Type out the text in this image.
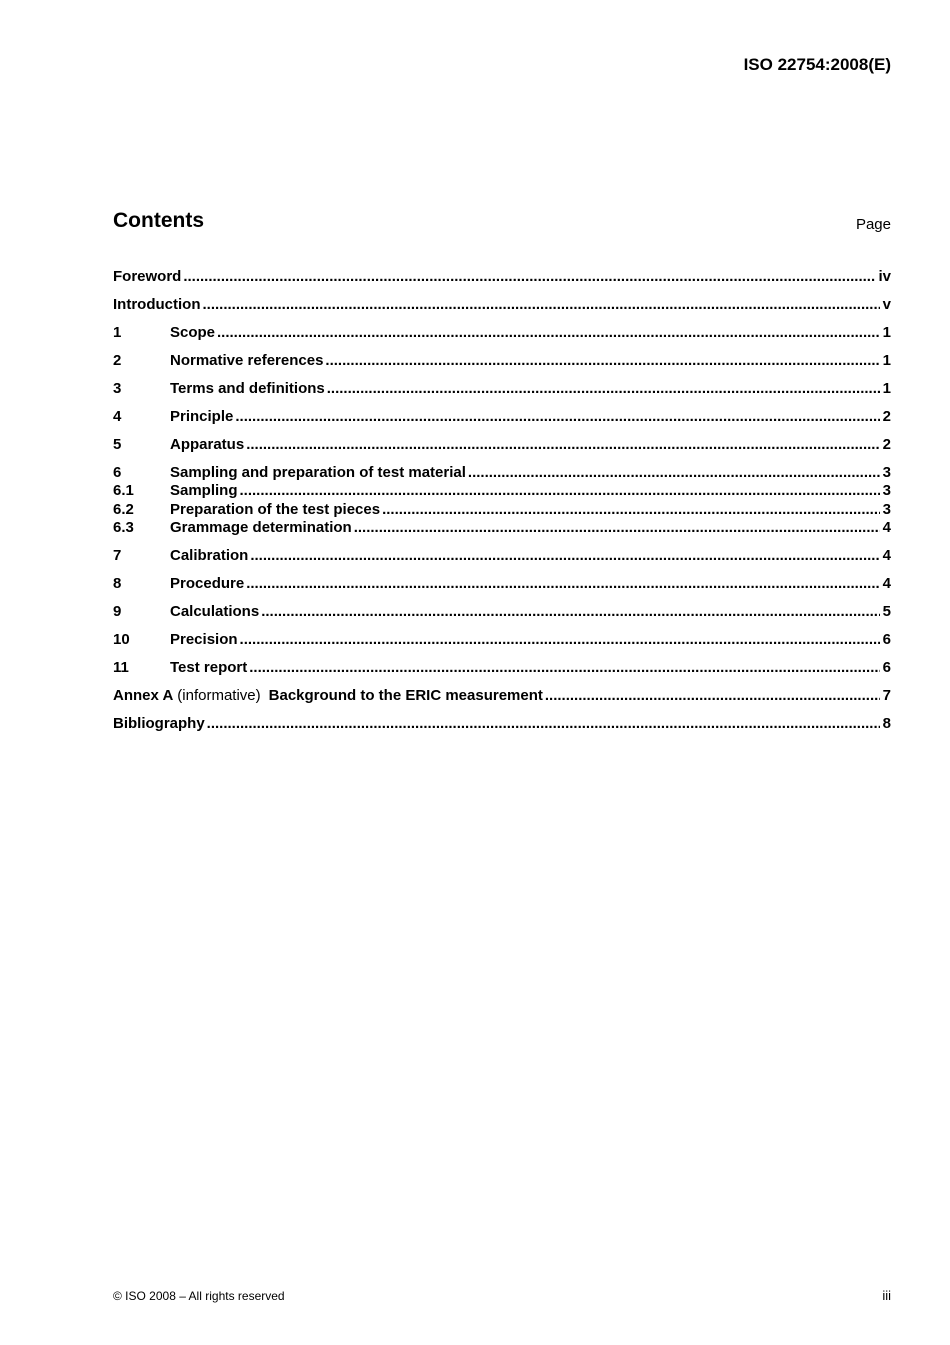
ISO 22754:2008(E)
Contents	Page
Foreword .....	iv
Introduction .....	v
1	Scope .....	1
2	Normative references .....	1
3	Terms and definitions .....	1
4	Principle .....	2
5	Apparatus .....	2
6	Sampling and preparation of test material .....	3
6.1	Sampling .....	3
6.2	Preparation of the test pieces .....	3
6.3	Grammage determination .....	4
7	Calibration .....	4
8	Procedure .....	4
9	Calculations .....	5
10	Precision .....	6
11	Test report .....	6
Annex A (informative) Background to the ERIC measurement .....	7
Bibliography .....	8
© ISO 2008 – All rights reserved	iii
